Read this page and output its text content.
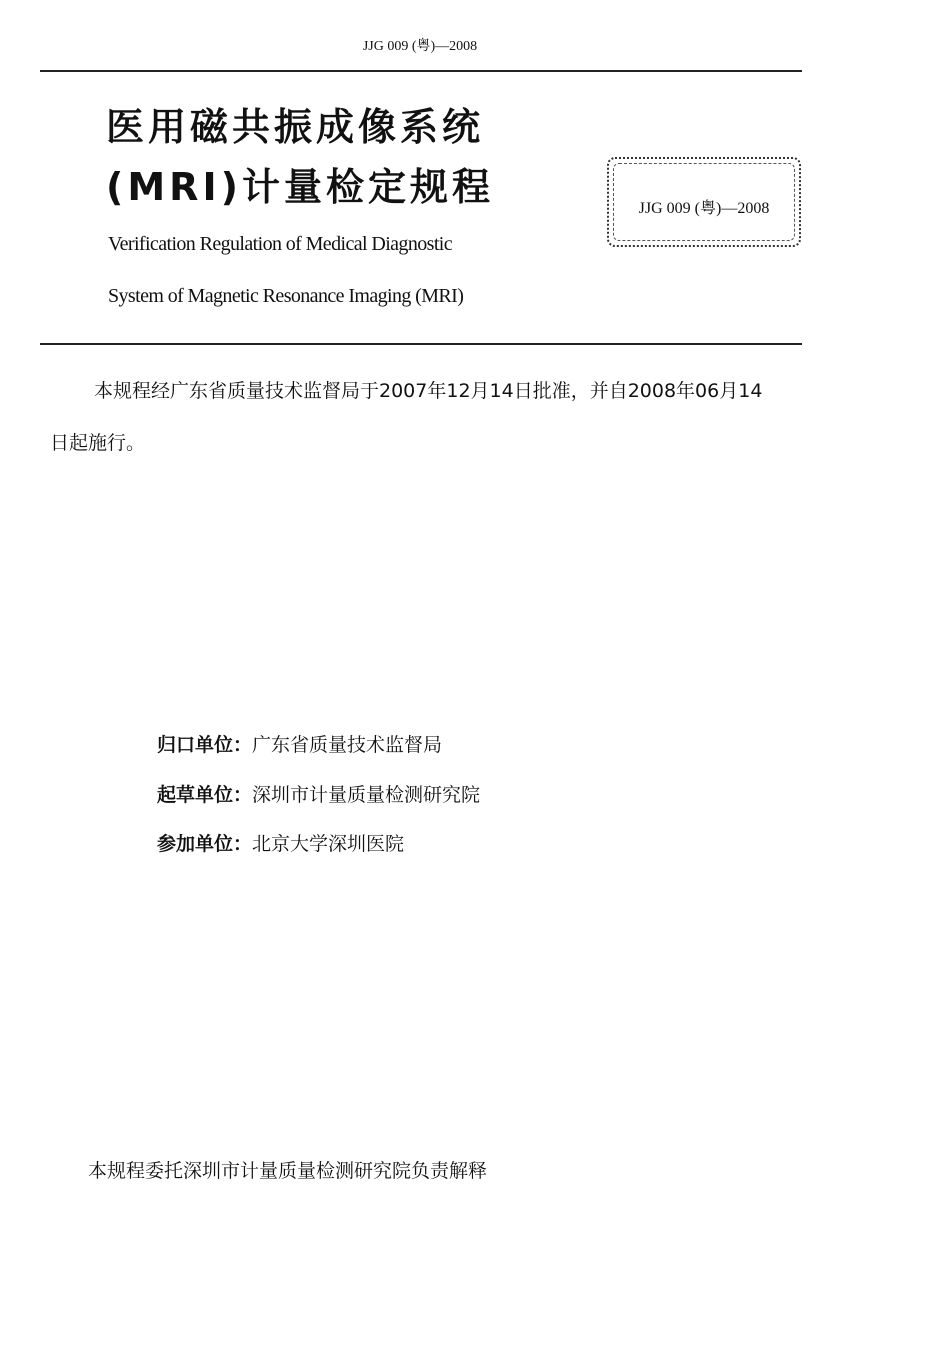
JJG 009 (粤)—2008
医用磁共振成像系统
(MRI)计量检定规程
Verification Regulation of Medical Diagnostic
System of Magnetic Resonance Imaging (MRI)
JJG 009 (粤)—2008
本规程经广东省质量技术监督局于2007年12月14日批准，并自2008年06月14日起施行。
归口单位：广东省质量技术监督局
起草单位：深圳市计量质量检测研究院
参加单位：北京大学深圳医院
本规程委托深圳市计量质量检测研究院负责解释
